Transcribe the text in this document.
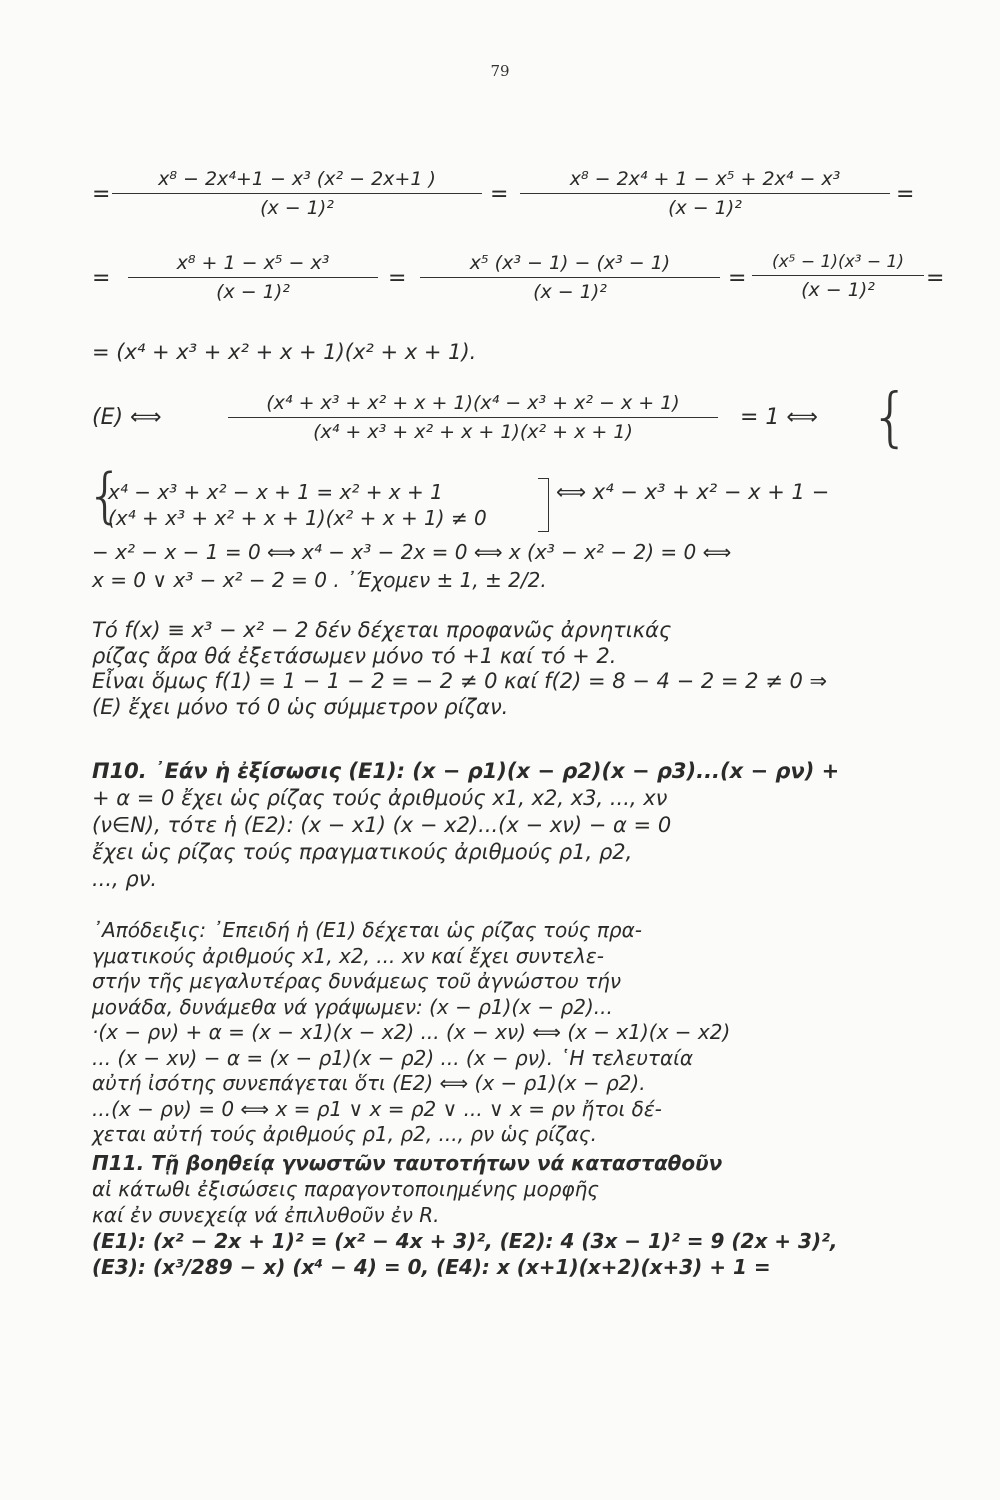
79
= $\frac{\text{x⁸ − 2x⁴+1 − x³ (x² − 2x+1 )}}{\text{(x − 1)²}} = \frac{\text{x⁸ − 2x⁴ + 1 − x⁵ + 2x⁴ − x³}}{\text{(x − 1)²}}$ =
= $\frac{\text{x⁸ + 1 − x⁵ − x³}}{\text{(x − 1)²}} = \frac{\text{x⁵ (x³ − 1) − (x³ − 1)}}{\text{(x − 1)²}} = \frac{\text{(x⁵ − 1)(x³ − 1)}}{\text{(x − 1)²}}$ =
= (x⁴ + x³ + x² + x + 1)(x² + x + 1).
(E) ⟺	$\frac{\text{(x⁴ + x³ + x² + x + 1)(x⁴ − x³ + x² − x + 1)}}{\text{(x⁴ + x³ + x² + x + 1)(x² + x + 1)}} = 1$ ⟺ {
{
x⁴ − x³ + x² − x + 1 = x² + x + 1
(x⁴ + x³ + x² + x + 1)(x² + x + 1) ≠ 0
⟺ x⁴ − x³ + x² − x + 1 −
− x² − x − 1 = 0 ⟺ x⁴ − x³ − 2x = 0 ⟺ x (x³ − x² − 2) = 0 ⟺
x = 0 ∨ x³ − x² − 2 = 0 . ᾽Έχομεν ± 1, ± 2/2.
Τό f(x) ≡ x³ − x² − 2 δέν δέχεται προφανῶς ἀρνητικάς
ρίζας ἄρα θά ἐξετάσωμεν μόνο τό +1 καί τό + 2.
Εἶναι ὅμως f(1) = 1 − 1 − 2 = − 2 ≠ 0 καί f(2) = 8 − 4 − 2 = 2 ≠ 0 ⇒
(E) ἔχει μόνο τό 0 ὡς σύμμετρον ρίζαν.
Π10. ᾽Εάν ἡ ἐξίσωσις (E1): (x − ρ1)(x − ρ2)(x − ρ3)...(x − ρν) +
+ α = 0 ἔχει ὡς ρίζας τούς ἀριθμούς x1, x2, x3, ..., xν
(ν∈N), τότε ἡ (E2): (x − x1) (x − x2)...(x − xν) − α = 0
ἔχει ὡς ρίζας τούς πραγματικούς ἀριθμούς ρ1, ρ2,
..., ρν.
᾽Απόδειξις: ᾽Επειδή ἡ (E1) δέχεται ὡς ρίζας τούς πρα-
γματικούς ἀριθμούς x1, x2, ... xν καί ἔχει συντελε-
στήν τῆς μεγαλυτέρας δυνάμεως τοῦ ἀγνώστου τήν
μονάδα, δυνάμεθα νά γράψωμεν: (x − ρ1)(x − ρ2)...
·(x − ρν) + α = (x − x1)(x − x2) ... (x − xν) ⟺ (x − x1)(x − x2)
... (x − xν) − α = (x − ρ1)(x − ρ2) ... (x − ρν). ῾Η τελευταία
αὐτή ἰσότης συνεπάγεται ὅτι (E2) ⟺ (x − ρ1)(x − ρ2).
...(x − ρν) = 0 ⟺ x = ρ1 ∨ x = ρ2 ∨ ... ∨ x = ρν ἤτοι δέ-
χεται αὐτή τούς ἀριθμούς ρ1, ρ2, ..., ρν ὡς ρίζας.
Π11. Τῇ βοηθείᾳ γνωστῶν ταυτοτήτων νά κατασταθοῦν
αἱ κάτωθι ἐξισώσεις παραγοντοποιημένης μορφῆς
καί ἐν συνεχείᾳ νά ἐπιλυθοῦν ἐν R.
(E1): (x² − 2x + 1)² = (x² − 4x + 3)², (E2): 4 (3x − 1)² = 9 (2x + 3)²,
(E3): (x³/289 − x) (x⁴ − 4) = 0, (E4): x (x+1)(x+2)(x+3) + 1 =
